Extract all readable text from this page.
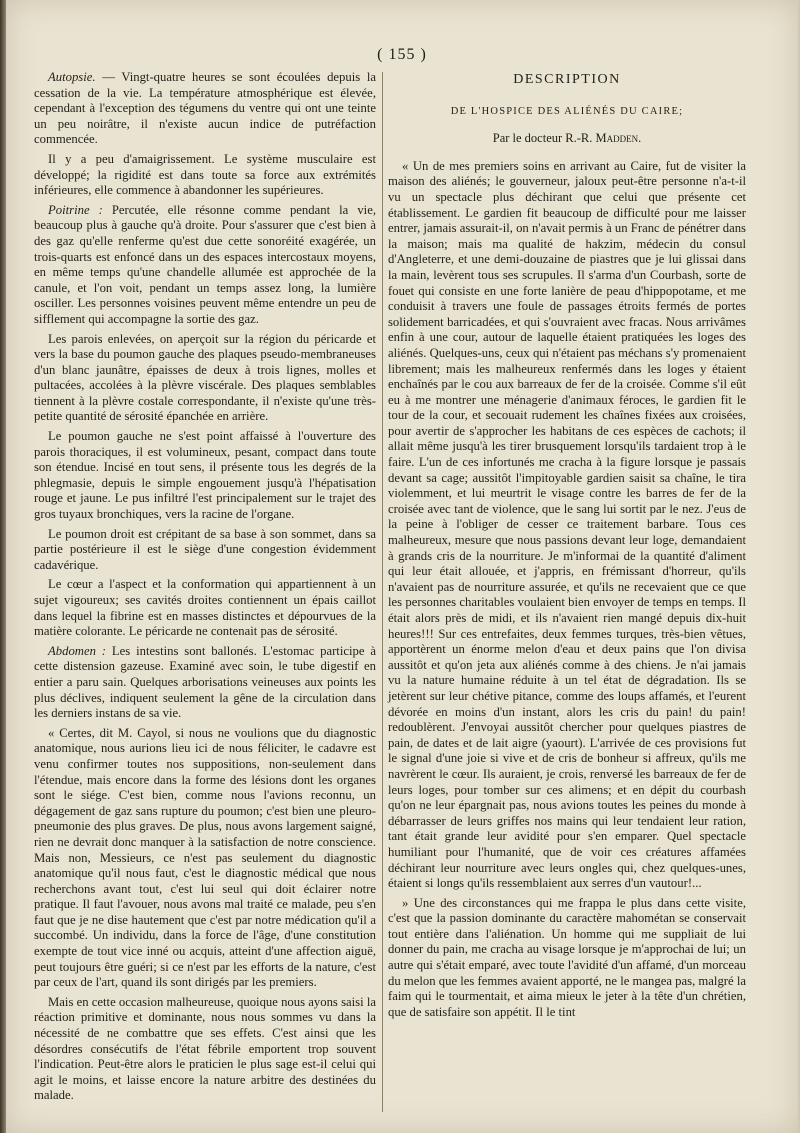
( 155 )

Autopsie. — Vingt-quatre heures se sont écoulées depuis la cessation de la vie. La température atmosphérique est élevée, cependant à l'exception des tégumens du ventre qui ont une teinte un peu noirâtre, il n'existe aucun indice de putréfaction commencée.

Il y a peu d'amaigrissement. Le système musculaire est développé; la rigidité est dans toute sa force aux extrémités inférieures, elle commence à abandonner les supérieures.

Poitrine : Percutée, elle résonne comme pendant la vie, beaucoup plus à gauche qu'à droite. Pour s'assurer que c'est bien à des gaz qu'elle renferme qu'est due cette sonoréité exagérée, un trois-quarts est enfoncé dans un des espaces intercostaux moyens, en même temps qu'une chandelle allumée est approchée de la canule, et l'on voit, pendant un temps assez long, la lumière osciller. Les personnes voisines peuvent même entendre un peu de sifflement qui accompagne la sortie des gaz.

Les parois enlevées, on aperçoit sur la région du péricarde et vers la base du poumon gauche des plaques pseudo-membraneuses d'un blanc jaunâtre, épaisses de deux à trois lignes, molles et pultacées, accolées à la plèvre viscérale. Des plaques semblables tiennent à la plèvre costale correspondante, il n'existe qu'une très-petite quantité de sérosité épanchée en arrière.

Le poumon gauche ne s'est point affaissé à l'ouverture des parois thoraciques, il est volumineux, pesant, compact dans toute son étendue. Incisé en tout sens, il présente tous les degrés de la phlegmasie, depuis le simple engouement jusqu'à l'hépatisation rouge et jaune. Le pus infiltré l'est principalement sur le trajet des gros tuyaux bronchiques, vers la racine de l'organe.

Le poumon droit est crépitant de sa base à son sommet, dans sa partie postérieure il est le siège d'une congestion évidemment cadavérique.

Le cœur a l'aspect et la conformation qui appartiennent à un sujet vigoureux; ses cavités droites contiennent un épais caillot dans lequel la fibrine est en masses distinctes et dépourvues de la matière colorante. Le péricarde ne contenait pas de sérosité.

Abdomen : Les intestins sont ballonés. L'estomac participe à cette distension gazeuse. Examiné avec soin, le tube digestif en entier a paru sain. Quelques arborisations veineuses aux points les plus déclives, indiquent seulement la gêne de la circulation dans les derniers instans de sa vie.

« Certes, dit M. Cayol, si nous ne voulions que du diagnostic anatomique, nous aurions lieu ici de nous féliciter, le cadavre est venu confirmer toutes nos suppositions, non-seulement dans l'étendue, mais encore dans la forme des lésions dont les organes sont le siége. C'est bien, comme nous l'avions reconnu, un dégagement de gaz sans rupture du poumon; c'est bien une pleuro-pneumonie des plus graves. De plus, nous avons largement saigné, rien ne devrait donc manquer à la satisfaction de notre conscience. Mais non, Messieurs, ce n'est pas seulement du diagnostic anatomique qu'il nous faut, c'est le diagnostic médical que nous recherchons avant tout, c'est lui seul qui doit éclairer notre pratique. Il faut l'avouer, nous avons mal traité ce malade, peu s'en faut que je ne dise hautement que c'est par notre médication qu'il a succombé. Un individu, dans la force de l'âge, d'une constitution exempte de tout vice inné ou acquis, atteint d'une affection aiguë, peut toujours être guéri; si ce n'est par les efforts de la nature, c'est par ceux de l'art, quand ils sont dirigés par les premiers.

Mais en cette occasion malheureuse, quoique nous ayons saisi la réaction primitive et dominante, nous nous sommes vu dans la nécessité de ne combattre que ses effets. C'est ainsi que les désordres consécutifs de l'état fébrile emportent trop souvent l'indication. Peut-être alors le praticien le plus sage est-il celui qui agit le moins, et laisse encore la nature arbitre des destinées du malade.

DESCRIPTION
DE L'HOSPICE DES ALIÉNÉS DU CAIRE;
Par le docteur R.-R. Madden.

« Un de mes premiers soins en arrivant au Caire, fut de visiter la maison des aliénés; le gouverneur, jaloux peut-être personne n'a-t-il vu un spectacle plus déchirant que celui que présente cet établissement. Le gardien fit beaucoup de difficulté pour me laisser entrer, jamais assurait-il, on n'avait permis à un Franc de pénétrer dans la maison; mais ma qualité de hakzim, médecin du consul d'Angleterre, et une demi-douzaine de piastres que je lui glissai dans la main, levèrent tous ses scrupules. Il s'arma d'un Courbash, sorte de fouet qui consiste en une forte lanière de peau d'hippopotame, et me conduisit à travers une foule de passages étroits fermés de portes solidement barricadées, et qui s'ouvraient avec fracas. Nous arrivâmes enfin à une cour, autour de laquelle étaient pratiquées les loges des aliénés. Quelques-uns, ceux qui n'étaient pas méchans s'y promenaient librement; mais les malheureux renfermés dans les loges y étaient enchaînés par le cou aux barreaux de fer de la croisée. Comme s'il eût eu à me montrer une ménagerie d'animaux féroces, le gardien fit le tour de la cour, et secouait rudement les chaînes fixées aux croisées, pour avertir de s'approcher les habitans de ces espèces de cachots; il allait même jusqu'à les tirer brusquement lorsqu'ils tardaient trop à le faire. L'un de ces infortunés me cracha à la figure lorsque je passais devant sa cage; aussitôt l'impitoyable gardien saisit sa chaîne, le tira violemment, et lui meurtrit le visage contre les barres de fer de la croisée avec tant de violence, que le sang lui sortit par le nez. J'eus de la peine à l'obliger de cesser ce traitement barbare. Tous ces malheureux, mesure que nous passions devant leur loge, demandaient à grands cris de la nourriture. Je m'informai de la quantité d'aliment qui leur était allouée, et j'appris, en frémissant d'horreur, qu'ils n'avaient pas de nourriture assurée, et qu'ils ne recevaient que ce que les personnes charitables voulaient bien envoyer de temps en temps. Il était alors près de midi, et ils n'avaient rien mangé depuis dix-huit heures!!! Sur ces entrefaites, deux femmes turques, très-bien vêtues, apportèrent un énorme melon d'eau et deux pains que l'on divisa aussitôt et qu'on jeta aux aliénés comme à des chiens. Je n'ai jamais vu la nature humaine réduite à un tel état de dégradation. Ils se jetèrent sur leur chétive pitance, comme des loups affamés, et l'eurent dévorée en moins d'un instant, alors les cris du pain! du pain! redoublèrent. J'envoyai aussitôt chercher pour quelques piastres de pain, de dates et de lait aigre (yaourt). L'arrivée de ces provisions fut le signal d'une joie si vive et de cris de bonheur si affreux, qu'ils me navrèrent le cœur. Ils auraient, je crois, renversé les barreaux de fer de leurs loges, pour tomber sur ces alimens; et en dépit du courbash qu'on ne leur épargnait pas, nous avions toutes les peines du monde à débarrasser de leurs griffes nos mains qui leur tendaient leur ration, tant était grande leur avidité pour s'en emparer. Quel spectacle humiliant pour l'humanité, que de voir ces créatures affamées déchirant leur nourriture avec leurs ongles qui, chez quelques-unes, étaient si longs qu'ils ressemblaient aux serres d'un vautour!...

» Une des circonstances qui me frappa le plus dans cette visite, c'est que la passion dominante du caractère mahométan se conservait tout entière dans l'aliénation. Un homme qui me suppliait de lui donner du pain, me cracha au visage lorsque je m'approchai de lui; un autre qui s'était emparé, avec toute l'avidité d'un affamé, d'un morceau du melon que les femmes avaient apporté, ne le mangea pas, malgré la faim qui le tourmentait, et aima mieux le jeter à la tête d'un chrétien, que de satisfaire son appétit. Il le tint
